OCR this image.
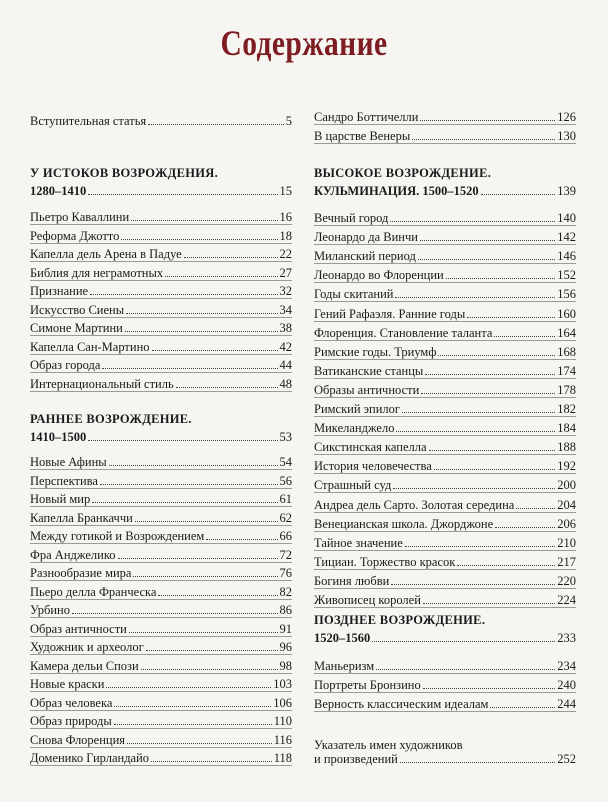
Содержание
Вступительная статья	5
У ИСТОКОВ ВОЗРОЖДЕНИЯ.
1280–1410	15
Пьетро Каваллини	16
Реформа Джотто	18
Капелла дель Арена в Падуе	22
Библия для неграмотных	27
Признание	32
Искусство Сиены	34
Симоне Мартини	38
Капелла Сан-Мартино	42
Образ города	44
Интернациональный стиль	48
РАННЕЕ ВОЗРОЖДЕНИЕ.
1410–1500	53
Новые Афины	54
Перспектива	56
Новый мир	61
Капелла Бранкаччи	62
Между готикой и Возрождением	66
Фра Анджелико	72
Разнообразие мира	76
Пьеро делла Франческа	82
Урбино	86
Образ античности	91
Художник и археолог	96
Камера дельи Спози	98
Новые краски	103
Образ человека	106
Образ природы	110
Снова Флоренция	116
Доменико Гирландайо	118
Сандро Боттичелли	126
В царстве Венеры	130
ВЫСОКОЕ ВОЗРОЖДЕНИЕ.
КУЛЬМИНАЦИЯ. 1500–1520	139
Вечный город	140
Леонардо да Винчи	142
Миланский период	146
Леонардо во Флоренции	152
Годы скитаний	156
Гений Рафаэля. Ранние годы	160
Флоренция. Становление таланта	164
Римские годы. Триумф	168
Ватиканские станцы	174
Образы античности	178
Римский эпилог	182
Микеланджело	184
Сикстинская капелла	188
История человечества	192
Страшный суд	200
Андреа дель Сарто. Золотая середина	204
Венецианская школа. Джорджоне	206
Тайное значение	210
Тициан. Торжество красок	217
Богиня любви	220
Живописец королей	224
ПОЗДНЕЕ ВОЗРОЖДЕНИЕ.
1520–1560	233
Маньеризм	234
Портреты Бронзино	240
Верность классическим идеалам	244
Указатель имен художников
и произведений	252
